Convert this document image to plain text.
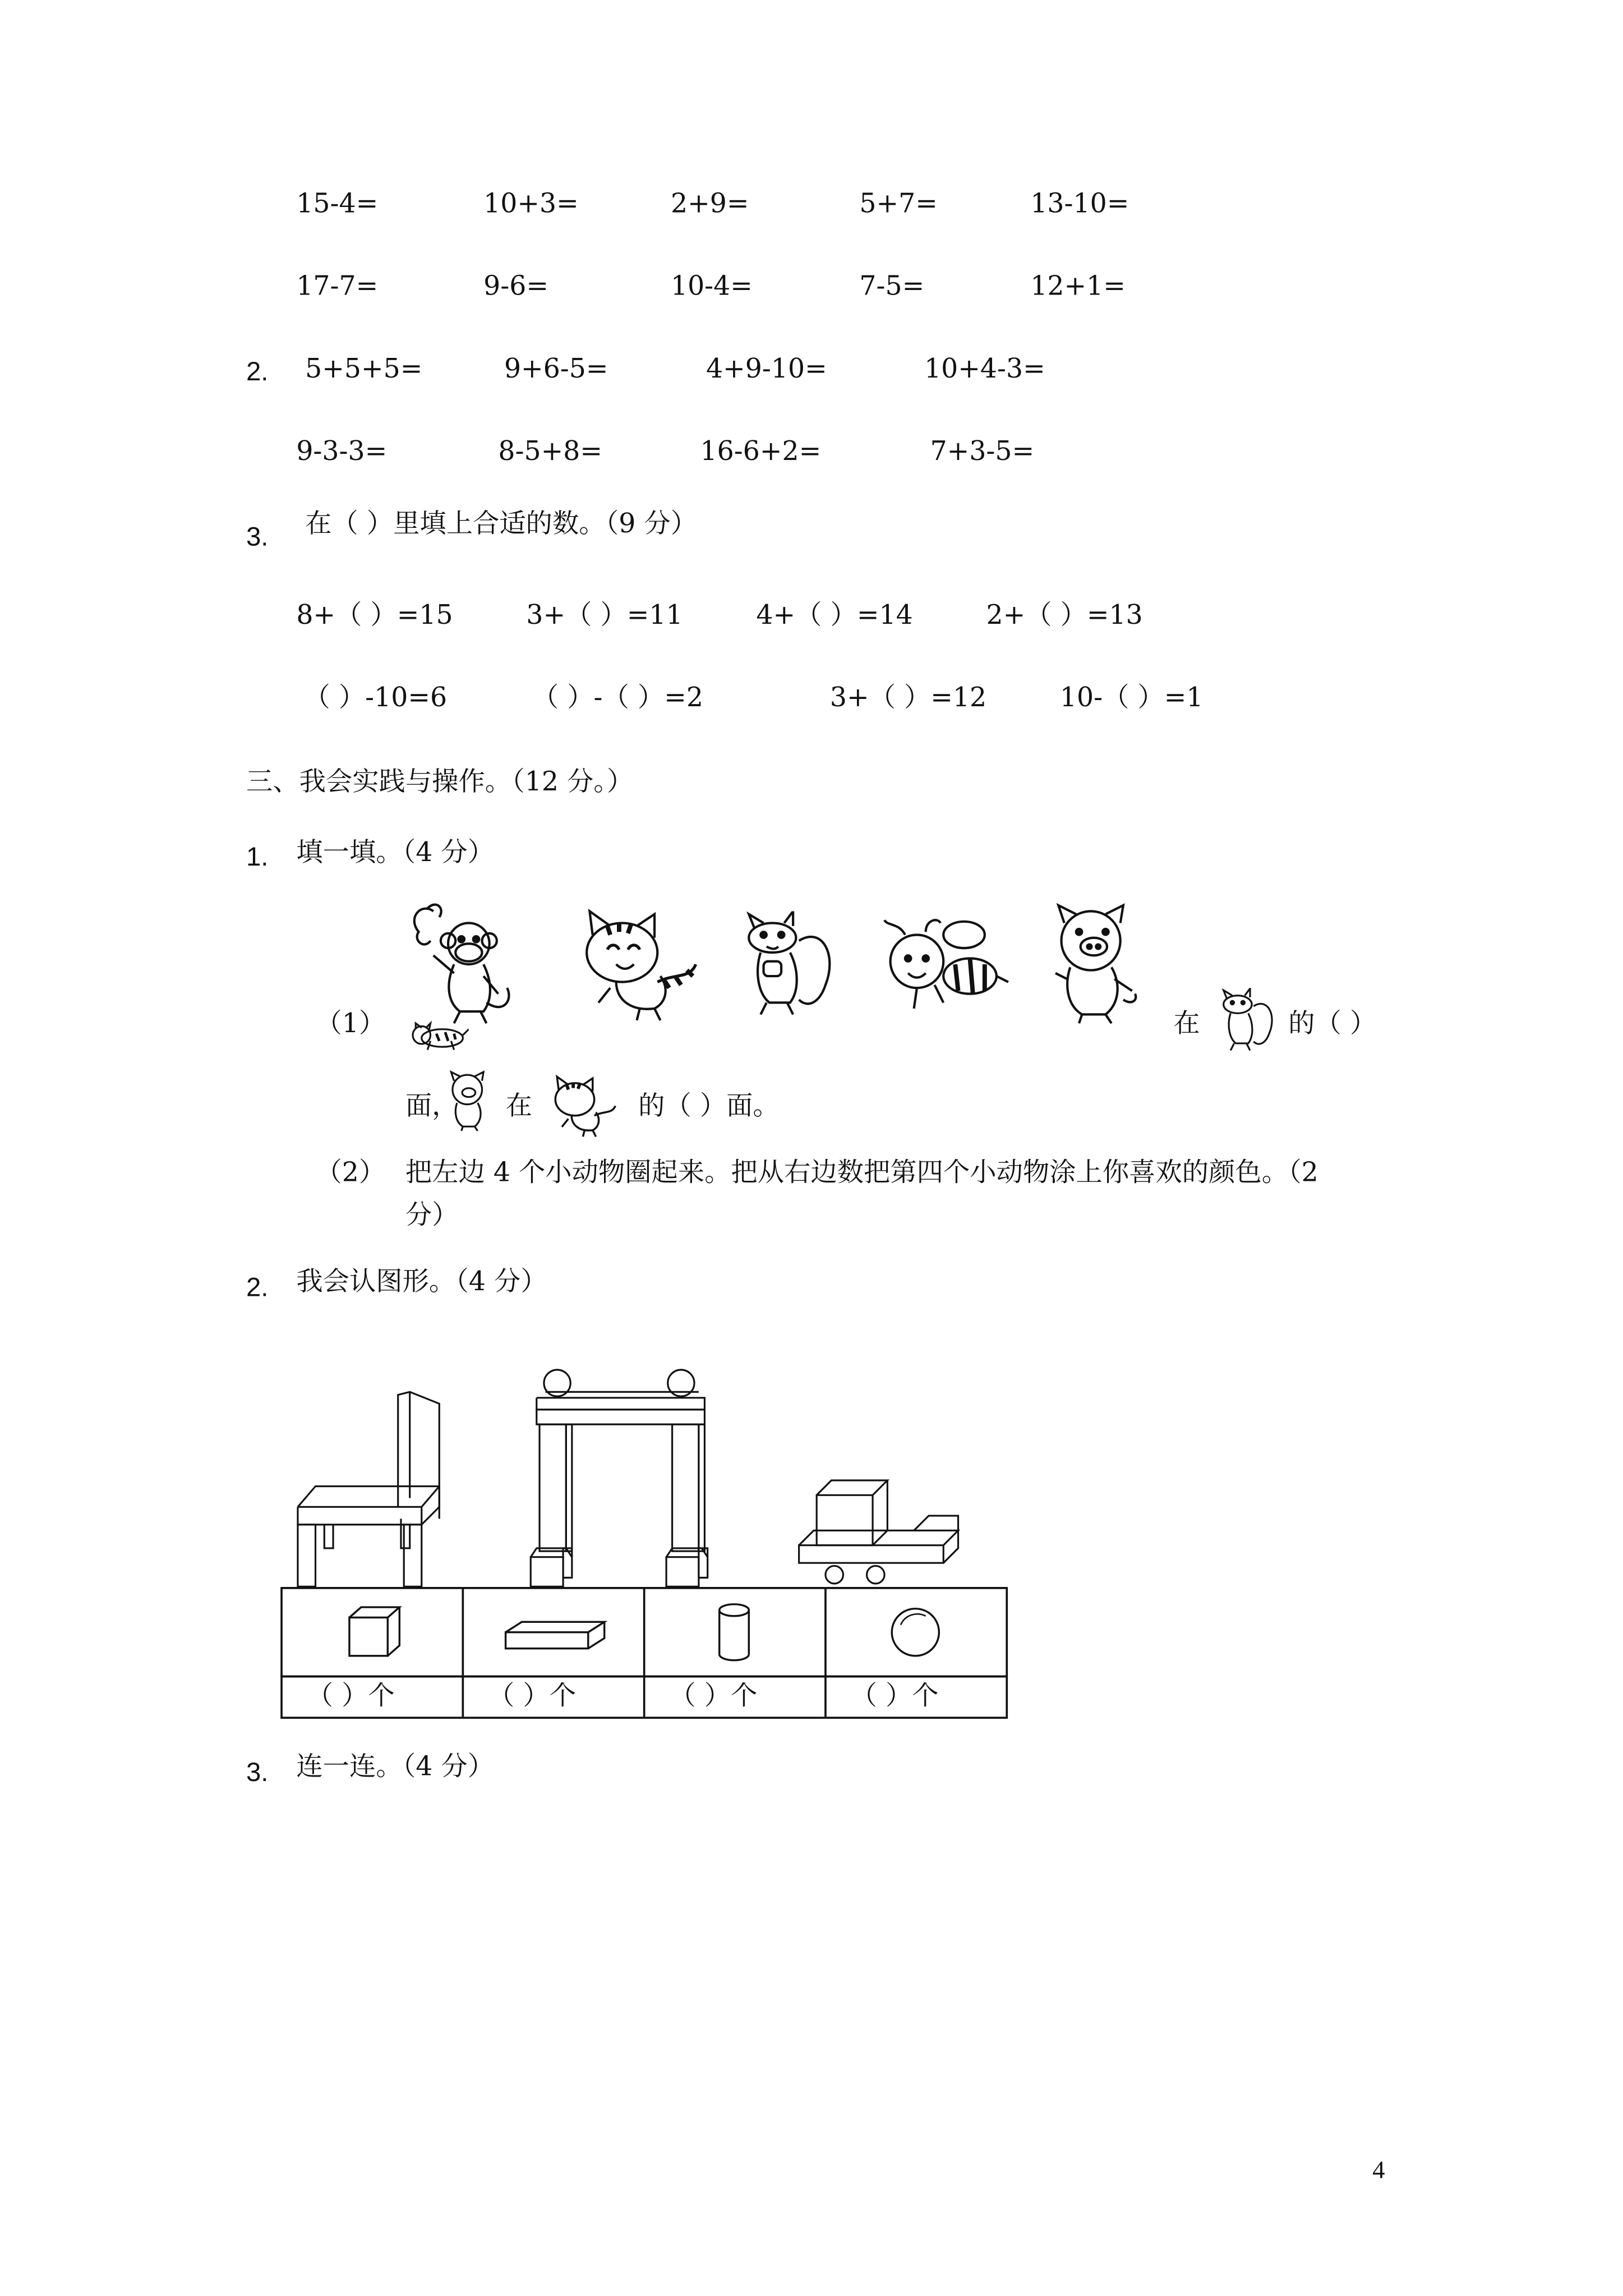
15-4=	10+3=	2+9=	5+7=	13-10=
17-7=	9-6=	10-4=	7-5=	12+1=
2.	5+5+5=	9+6-5=	4+9-10=	10+4-3=
9-3-3=	8-5+8=	16-6+2=	7+3-5=
3.	在（ ）里填上合适的数。（9 分）
8+（ ）=15	3+（ ）=11	4+（ ）=14	2+（ ）=13
（ ）-10=6	（ ）-（ ）=2	3+（ ）=12	10-（ ）=1
三、我会实践与操作。（12 分。）
1.	填一填。（4 分）
（1）	在	的（ ）
面，	在	的（ ）面。
（2） 把左边 4 个小动物圈起来。把从右边数把第四个小动物涂上你喜欢的颜色。（2
分）
2.	我会认图形。（4 分）
（ ）个	（ ）个	（ ）个	（ ）个
3.	连一连。（4 分）
4
